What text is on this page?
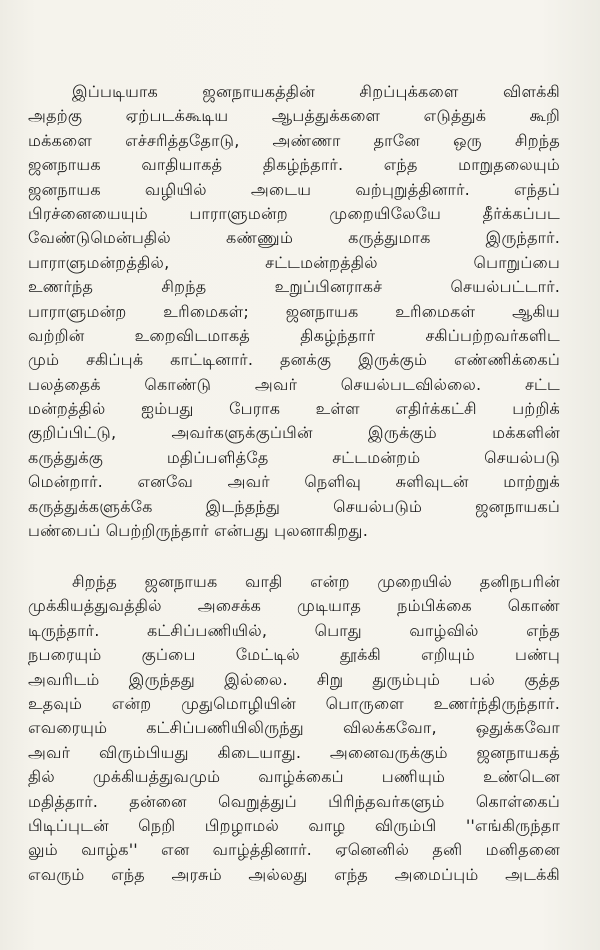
இப்படியாக ஜனநாயகத்தின் சிறப்புக்களை விளக்கி
அதற்கு ஏற்படக்கூடிய ஆபத்துக்களை எடுத்துக் கூறி
மக்களை எச்சரித்ததோடு, அண்ணா தானே ஒரு சிறந்த
ஜனநாயக வாதியாகத் திகழ்ந்தார். எந்த மாறுதலையும்
ஜனநாயக வழியில் அடைய வற்புறுத்தினார். எந்தப்
பிரச்னையையும் பாராளுமன்ற முறையிலேயே தீர்க்கப்பட
வேண்டுமென்பதில் கண்ணும் கருத்துமாக இருந்தார்.
பாராளுமன்றத்தில், சட்டமன்றத்தில் பொறுப்பை
உணர்ந்த சிறந்த உறுப்பினராகச் செயல்பட்டார்.
பாராளுமன்ற உரிமைகள்; ஜனநாயக உரிமைகள் ஆகிய
வற்றின் உறைவிடமாகத் திகழ்ந்தார் சகிப்பற்றவர்களிட
மும் சகிப்புக் காட்டினார். தனக்கு இருக்கும் எண்ணிக்கைப்
பலத்தைக் கொண்டு அவர் செயல்படவில்லை. சட்ட
மன்றத்தில் ஐம்பது பேராக உள்ள எதிர்க்கட்சி பற்றிக்
குறிப்பிட்டு, அவர்களுக்குப்பின் இருக்கும் மக்களின்
கருத்துக்கு மதிப்பளித்தே சட்டமன்றம் செயல்படு
மென்றார். எனவே அவர் நெளிவு சுளிவுடன் மாற்றுக்
கருத்துக்களுக்கே இடந்தந்து செயல்படும் ஜனநாயகப்
பண்பைப் பெற்றிருந்தார் என்பது புலனாகிறது.
சிறந்த ஜனநாயக வாதி என்ற முறையில் தனிநபரின்
முக்கியத்துவத்தில் அசைக்க முடியாத நம்பிக்கை கொண்
டிருந்தார். கட்சிப்பணியில், பொது வாழ்வில் எந்த
நபரையும் குப்பை மேட்டில் தூக்கி எறியும் பண்பு
அவரிடம் இருந்தது இல்லை. சிறு துரும்பும் பல் குத்த
உதவும் என்ற முதுமொழியின் பொருளை உணர்ந்திருந்தார்.
எவரையும் கட்சிப்பணியிலிருந்து விலக்கவோ, ஒதுக்கவோ
அவர் விரும்பியது கிடையாது. அனைவருக்கும் ஜனநாயகத்
தில் முக்கியத்துவமும் வாழ்க்கைப் பணியும் உண்டென
மதித்தார். தன்னை வெறுத்துப் பிரிந்தவர்களும் கொள்கைப்
பிடிப்புடன் நெறி பிறழாமல் வாழ விரும்பி ''எங்கிருந்தா
லும் வாழ்க'' என வாழ்த்தினார். ஏனெனில் தனி மனிதனை
எவரும் எந்த அரசும் அல்லது எந்த அமைப்பும் அடக்கி
